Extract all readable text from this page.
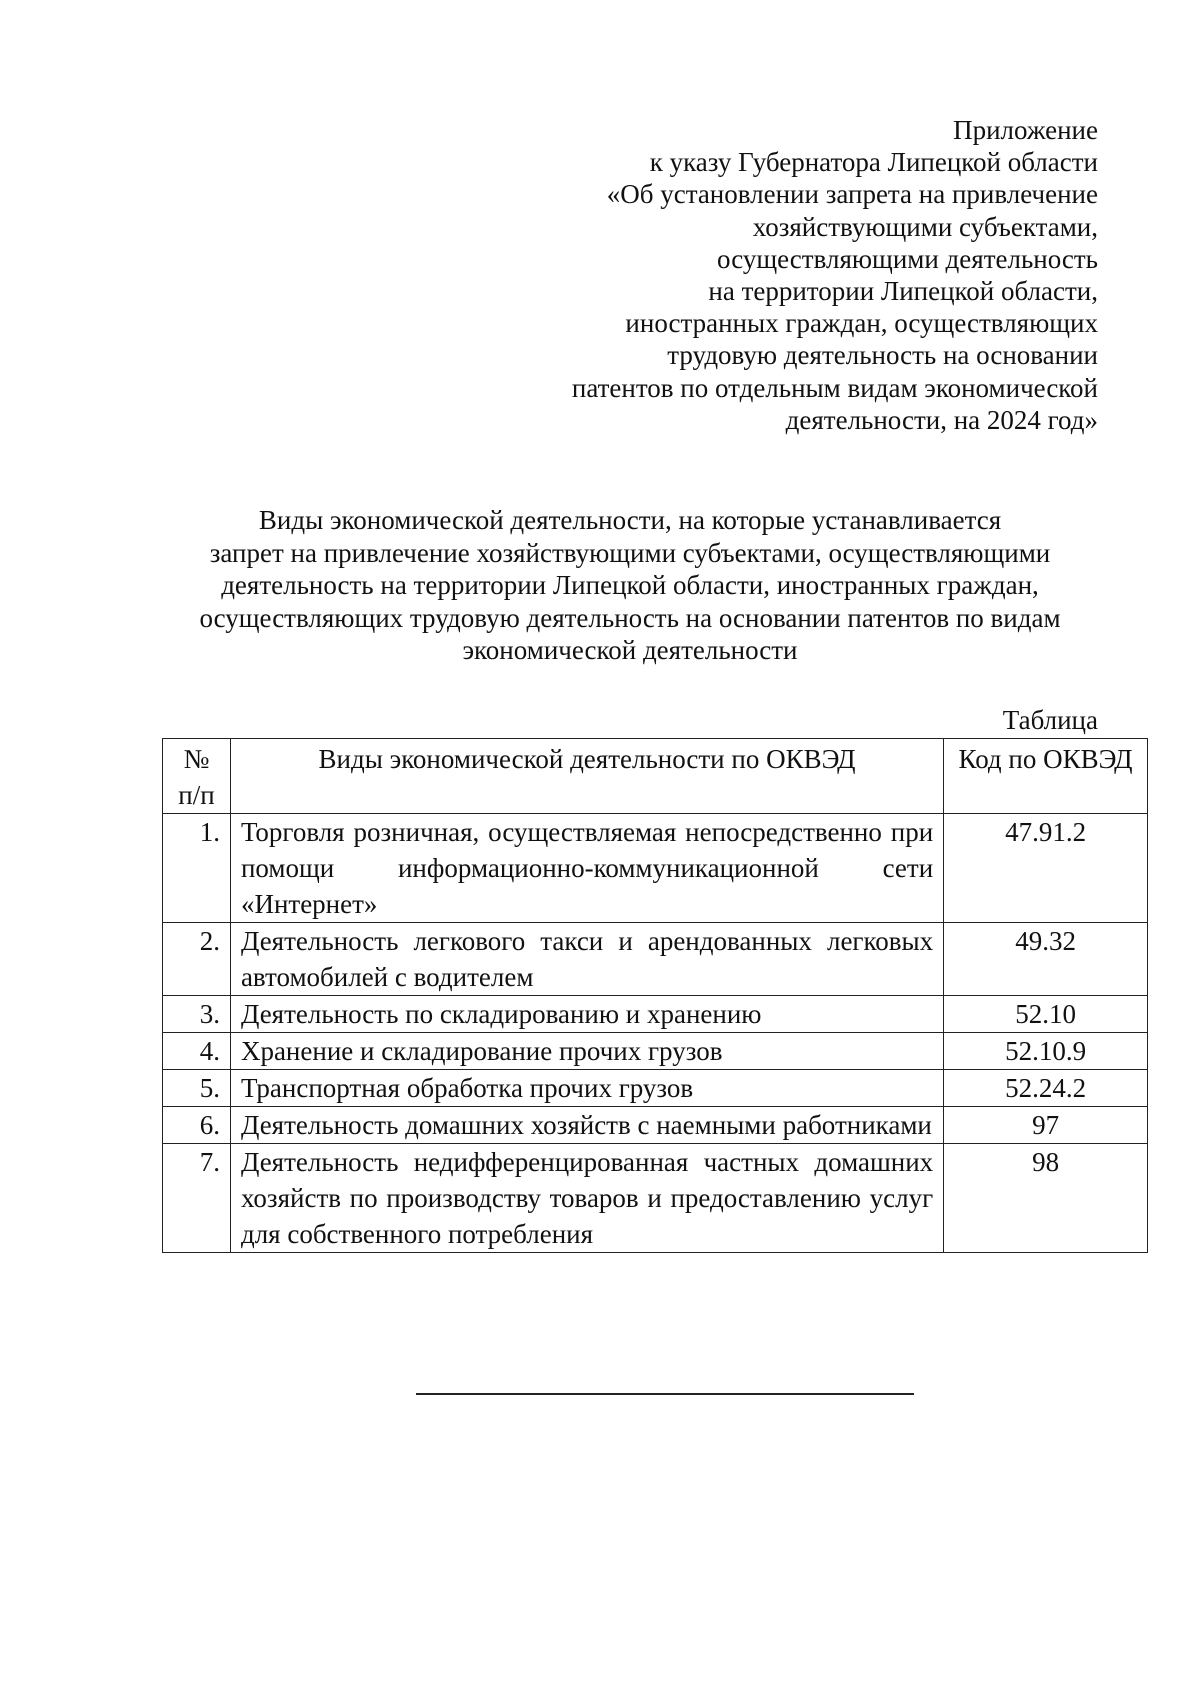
Приложение
к указу Губернатора Липецкой области
«Об установлении запрета на привлечение
хозяйствующими субъектами,
осуществляющими деятельность
на территории Липецкой области,
иностранных граждан, осуществляющих
трудовую деятельность на основании
патентов по отдельным видам экономической
деятельности, на 2024 год»
Виды экономической деятельности, на которые устанавливается
запрет на привлечение хозяйствующими субъектами, осуществляющими
деятельность на территории Липецкой области, иностранных граждан,
осуществляющих трудовую деятельность на основании патентов по видам
экономической деятельности
Таблица
№ п/п	Виды экономической деятельности по ОКВЭД	Код по ОКВЭД
1.	Торговля розничная, осуществляемая непосредственно при помощи информационно-коммуникационной сети «Интернет»	47.91.2
2.	Деятельность легкового такси и арендованных легковых автомобилей с водителем	49.32
3.	Деятельность по складированию и хранению	52.10
4.	Хранение и складирование прочих грузов	52.10.9
5.	Транспортная обработка прочих грузов	52.24.2
6.	Деятельность домашних хозяйств с наемными работниками	97
7.	Деятельность недифференцированная частных домашних хозяйств по производству товаров и предоставлению услуг для собственного потребления	98
